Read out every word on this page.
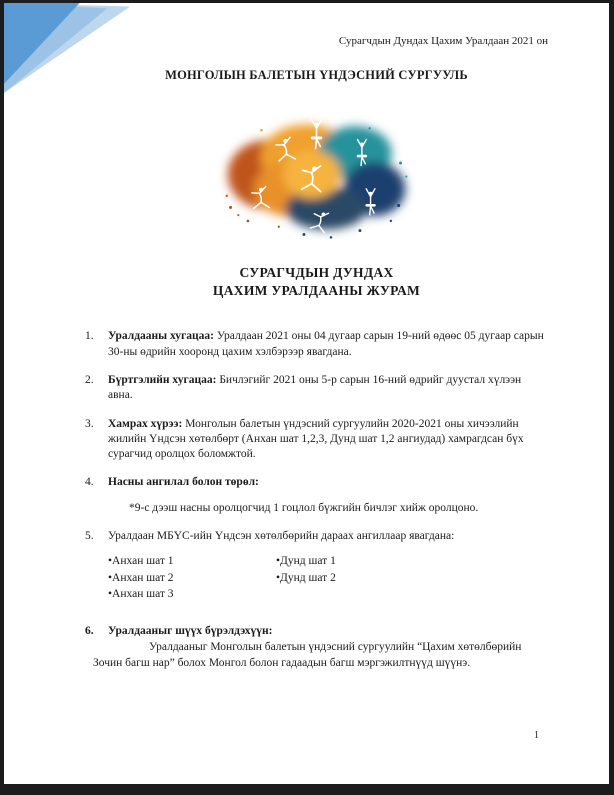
Сурагчдын Дундах Цахим Уралдаан 2021 он

МОНГОЛЫН БАЛЕТЫН ҮНДЭСНИЙ СУРГУУЛЬ

СУРАГЧДЫН ДУНДАХ
ЦАХИМ УРАЛДААНЫ ЖУРАМ

1.	Уралдааны хугацаа: Уралдаан 2021 оны 04 дугаар сарын 19-ний өдөөс 05 дугаар сарын 30-ны өдрийн хооронд цахим хэлбэрээр явагдана.
2.	Бүртгэлийн хугацаа: Бичлэгийг 2021 оны 5-р сарын 16-ний өдрийг дуустал хүлээн авна.
3.	Хамрах хүрээ: Монголын балетын үндэсний сургуулийн 2020-2021 оны хичээлийн жилийн Үндсэн хөтөлбөрт (Анхан шат 1,2,3, Дунд шат 1,2 ангиудад) хамрагдсан бүх сурагчид оролцох боломжтой.
4.	Насны ангилал болон төрөл:
*9-с дээш насны оролцогчид 1 гоцлол бүжгийн бичлэг хийж оролцоно.
5.	Уралдаан МБҮС-ийн Үндсэн хөтөлбөрийн дараах ангиллаар явагдана:
•Анхан шат 1
•Анхан шат 2
•Анхан шат 3
•Дунд шат 1
•Дунд шат 2
6.	Уралдааныг шүүх бүрэлдэхүүн:
Уралдааныг Монголын балетын үндэсний сургуулийн “Цахим хөтөлбөрийн Зочин багш нар” болох Монгол болон гадаадын багш мэргэжилтнүүд шүүнэ.
1
